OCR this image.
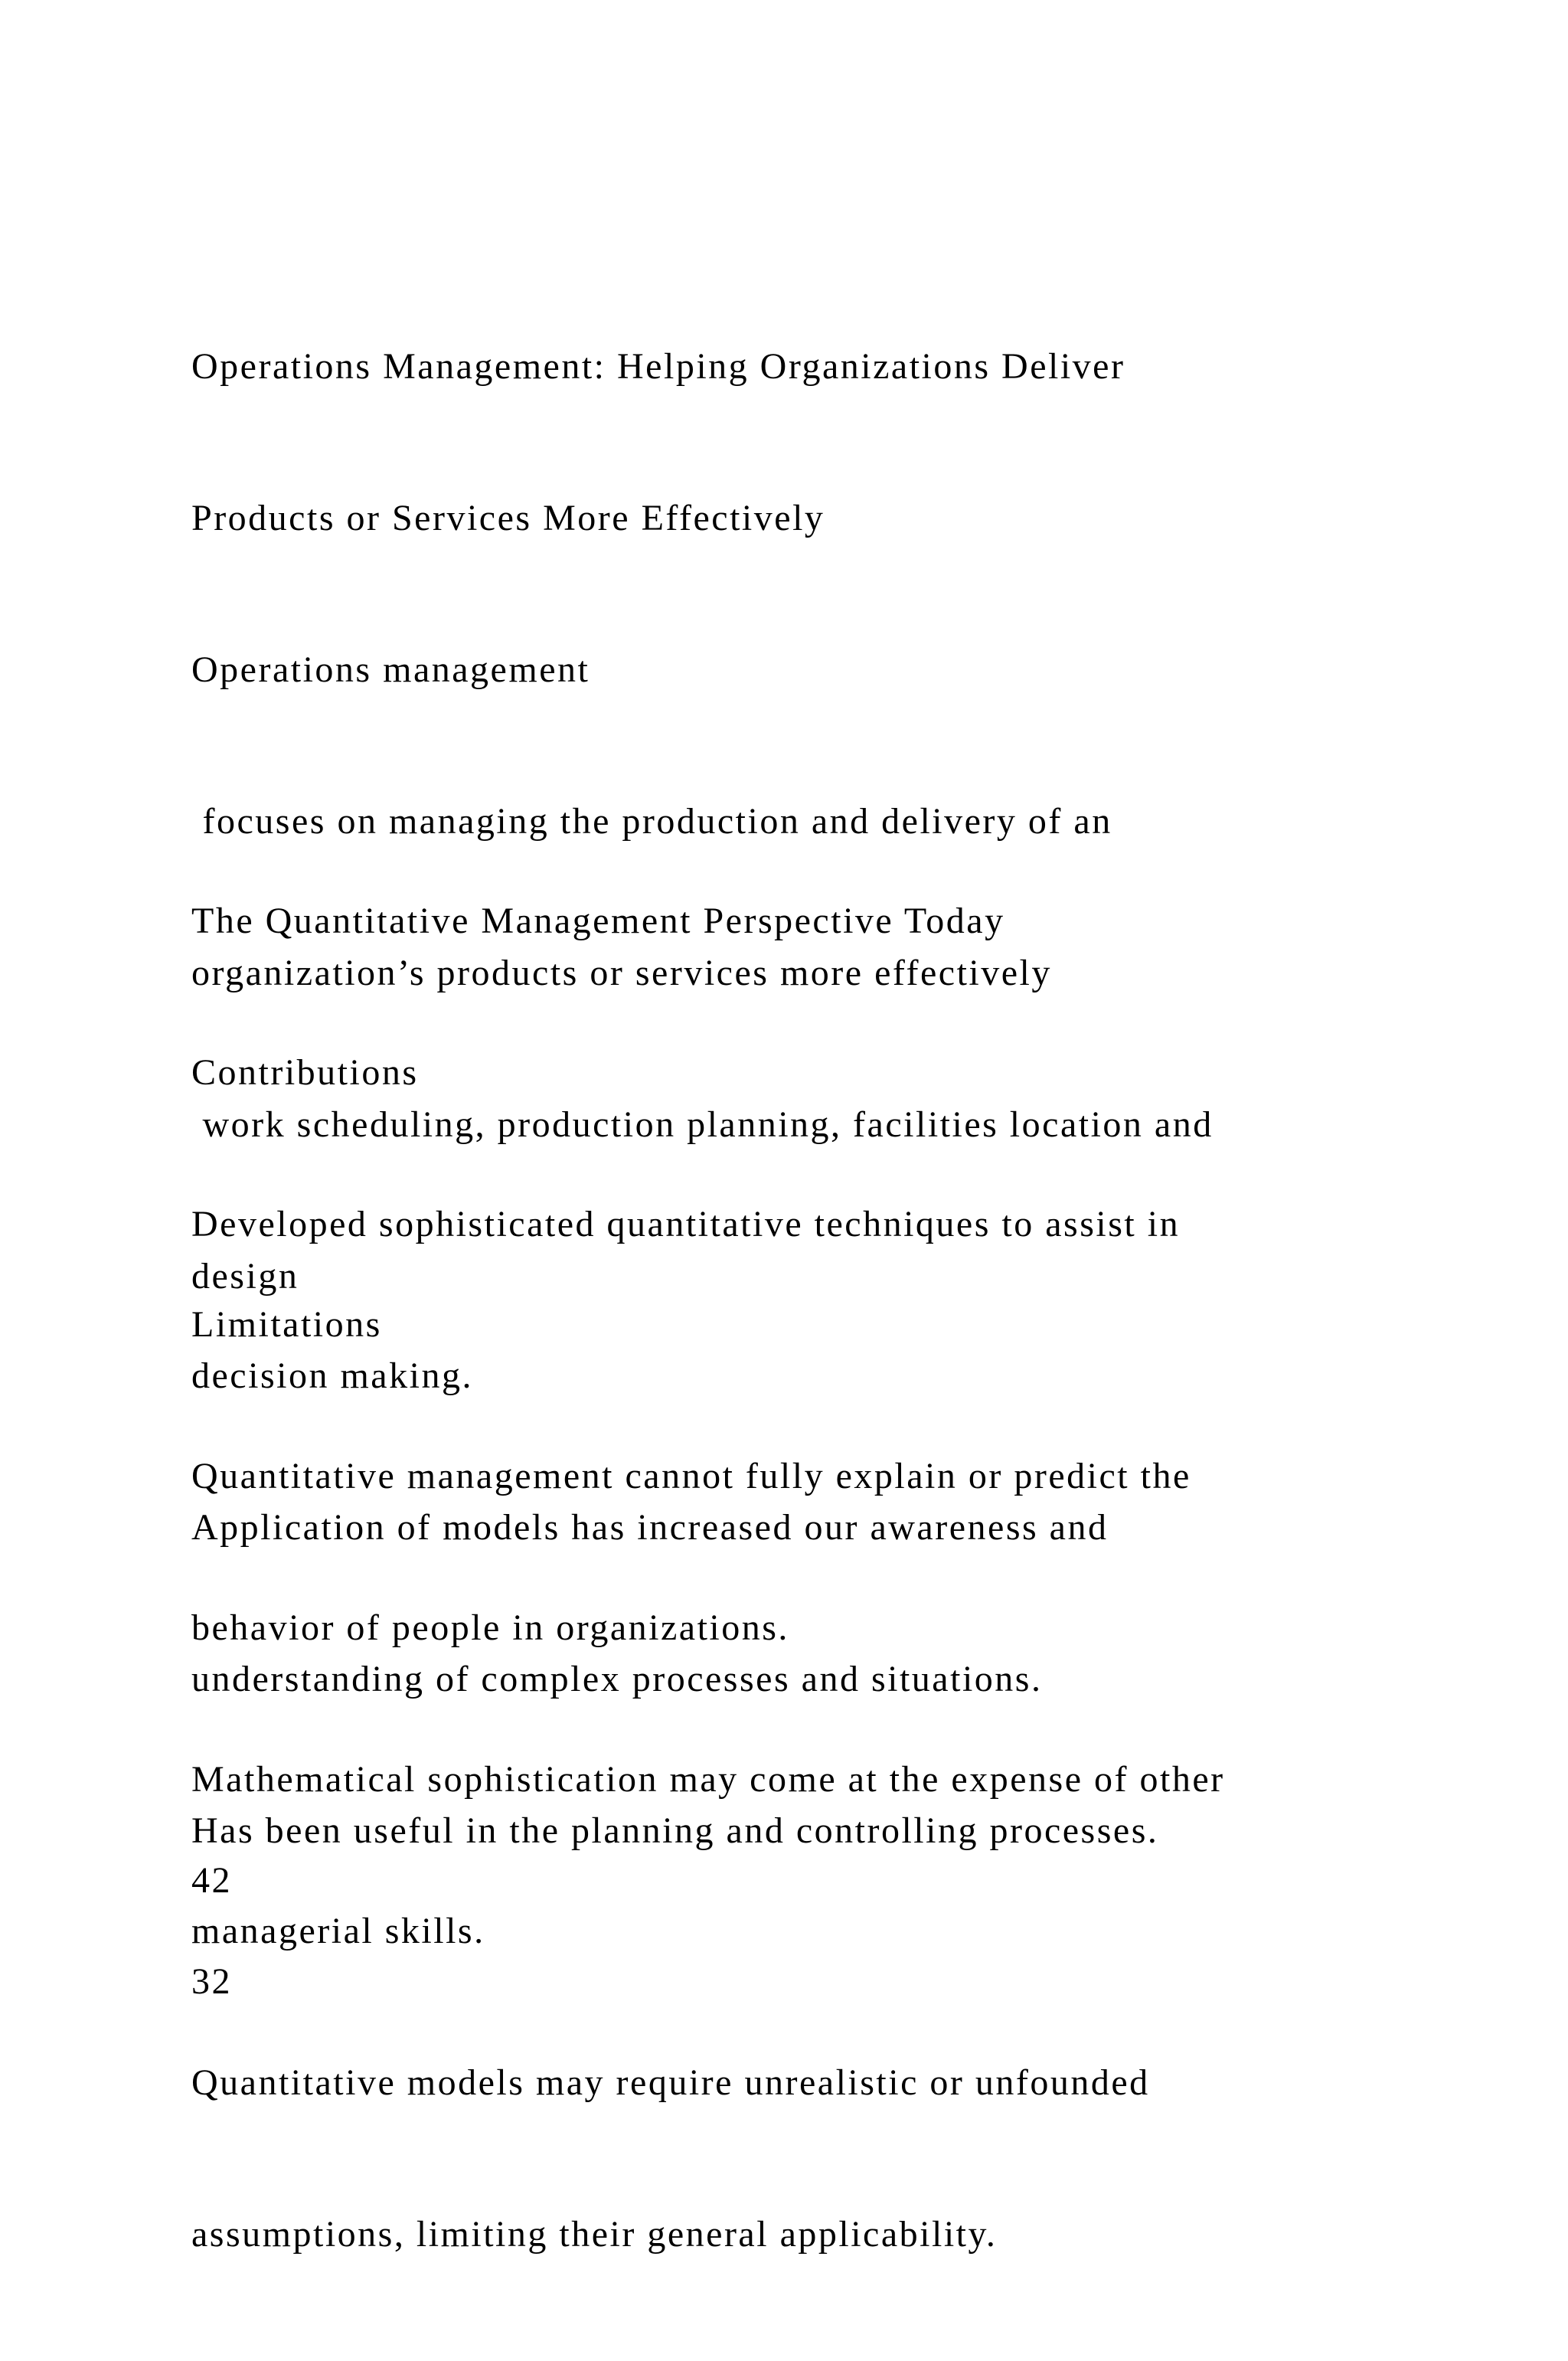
Operations Management: Helping Organizations Deliver

Products or Services More Effectively

Operations management

focuses on managing the production and delivery of an

organization’s products or services more effectively

work scheduling, production planning, facilities location and

design

The Quantitative Management Perspective Today

Contributions

Developed sophisticated quantitative techniques to assist in

decision making.

Application of models has increased our awareness and

understanding of complex processes and situations.

Has been useful in the planning and controlling processes.

Limitations

Quantitative management cannot fully explain or predict the

behavior of people in organizations.

Mathematical sophistication may come at the expense of other

managerial skills.

Quantitative models may require unrealistic or unfounded

assumptions, limiting their general applicability.

42

32
